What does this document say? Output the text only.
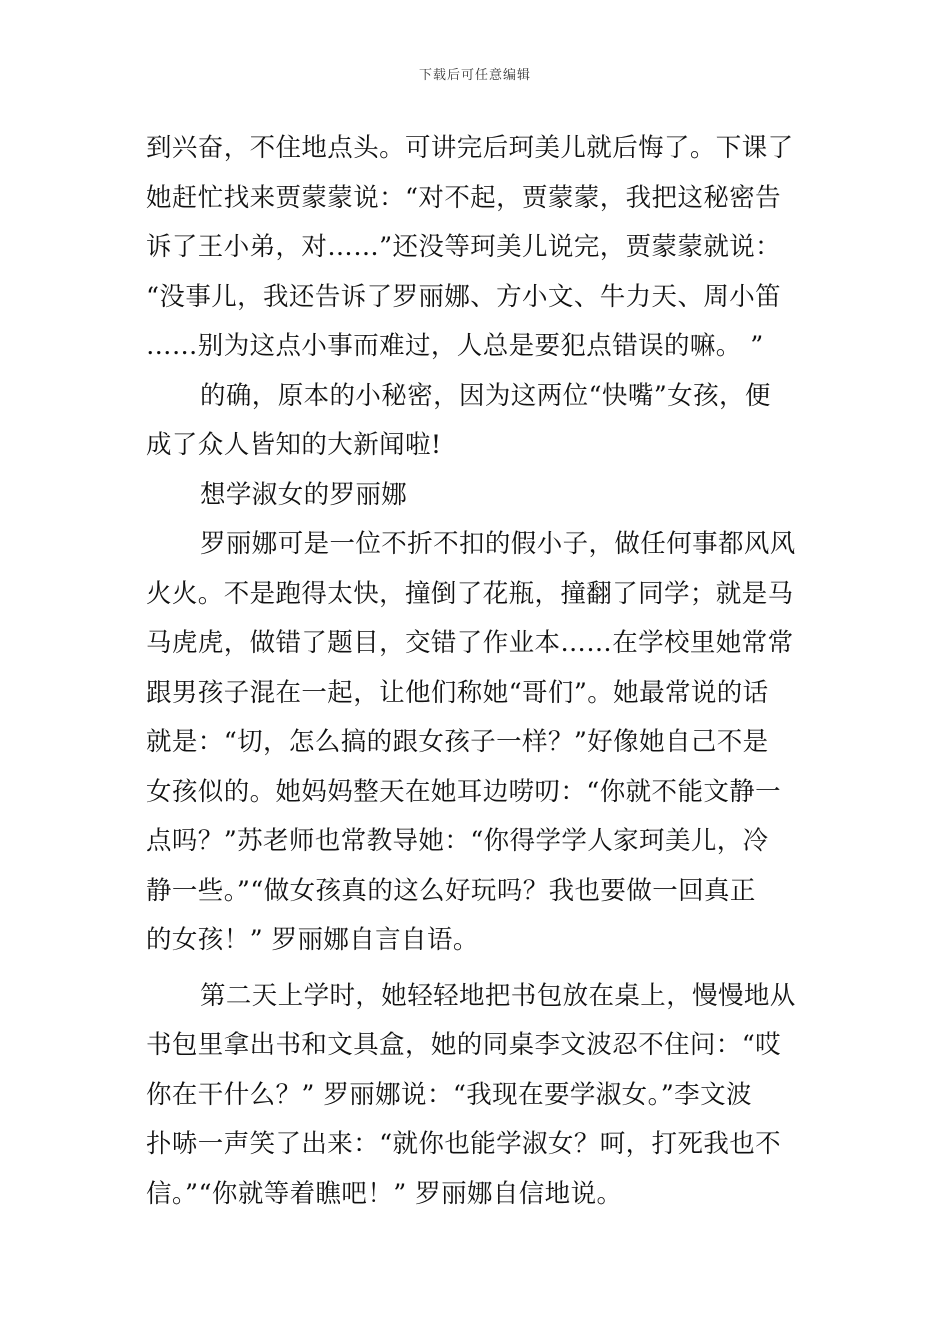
下载后可任意编辑
到兴奋，不住地点头。可讲完后珂美儿就后悔了。下课了
她赶忙找来贾蒙蒙说：“对不起，贾蒙蒙，我把这秘密告
诉了王小弟，对……”还没等珂美儿说完，贾蒙蒙就说：
“没事儿，我还告诉了罗丽娜、方小文、牛力天、周小笛
……别为这点小事而难过，人总是要犯点错误的嘛。 ”
的确，原本的小秘密，因为这两位“快嘴”女孩，便
成了众人皆知的大新闻啦!
想学淑女的罗丽娜
罗丽娜可是一位不折不扣的假小子，做任何事都风风
火火。不是跑得太快，撞倒了花瓶，撞翻了同学；就是马
马虎虎，做错了题目，交错了作业本……在学校里她常常
跟男孩子混在一起，让他们称她“哥们”。她最常说的话
就是：“切，怎么搞的跟女孩子一样？”好像她自己不是
女孩似的。她妈妈整天在她耳边唠叨：“你就不能文静一
点吗？”苏老师也常教导她：“你得学学人家珂美儿，冷
静一些。”“做女孩真的这么好玩吗？我也要做一回真正
的女孩！” 罗丽娜自言自语。
第二天上学时，她轻轻地把书包放在桌上，慢慢地从
书包里拿出书和文具盒，她的同桌李文波忍不住问：“哎
你在干什么？” 罗丽娜说：“我现在要学淑女。”李文波
扑哧一声笑了出来：“就你也能学淑女？呵，打死我也不
信。”“你就等着瞧吧！” 罗丽娜自信地说。
